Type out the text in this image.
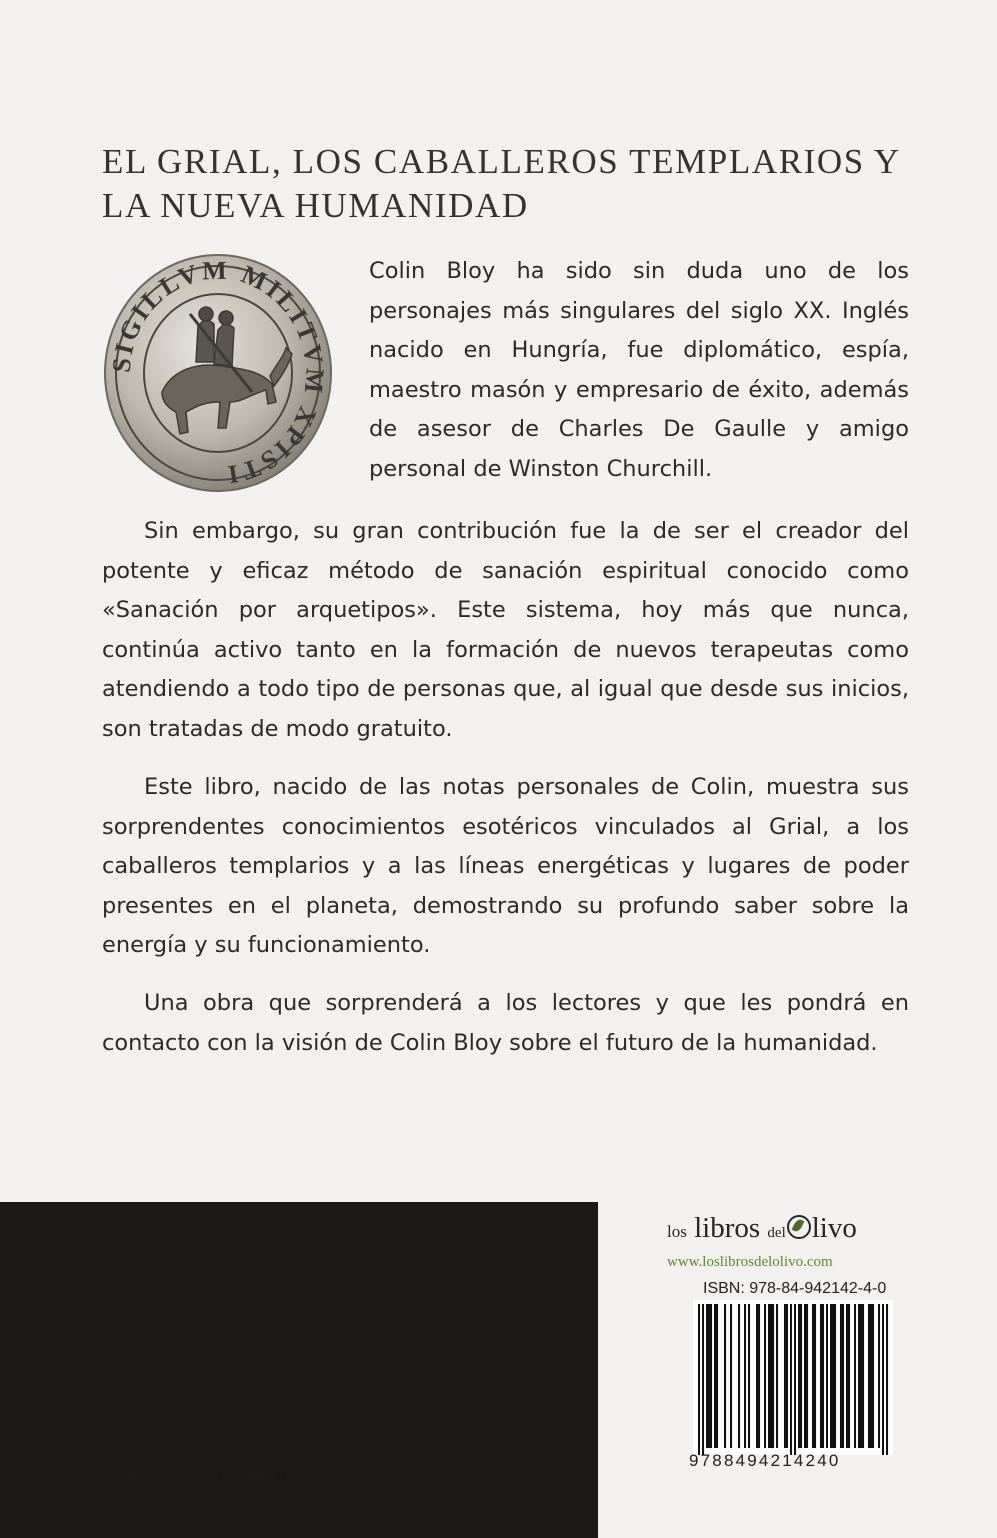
EL GRIAL, LOS CABALLEROS TEMPLARIOS Y
LA NUEVA HUMANIDAD
SIGILLVM MILITVM XPISTI

Colin Bloy ha sido sin duda uno de los personajes más singulares del siglo XX. Inglés nacido en Hungría, fue diplomático, espía, maestro masón y empresario de éxito, además de asesor de Charles De Gaulle y amigo personal de Winston Churchill.

Sin embargo, su gran contribución fue la de ser el creador del potente y eficaz método de sanación espiritual conocido como «Sanación por arquetipos». Este sistema, hoy más que nunca, continúa activo tanto en la formación de nuevos terapeutas como atendiendo a todo tipo de personas que, al igual que desde sus inicios, son tratadas de modo gratuito.

Este libro, nacido de las notas personales de Colin, muestra sus sorprendentes conocimientos esotéricos vinculados al Grial, a los caballeros templarios y a las líneas energéticas y lugares de poder presentes en el planeta, demostrando su profundo saber sobre la energía y su funcionamiento.

Una obra que sorprenderá a los lectores y que les pondrá en contacto con la visión de Colin Bloy sobre el futuro de la humanidad.

colección El Bosque
los libros del livo
www.loslibrosdelolivo.com
ISBN: 978-84-942142-4-0
9788494214240
